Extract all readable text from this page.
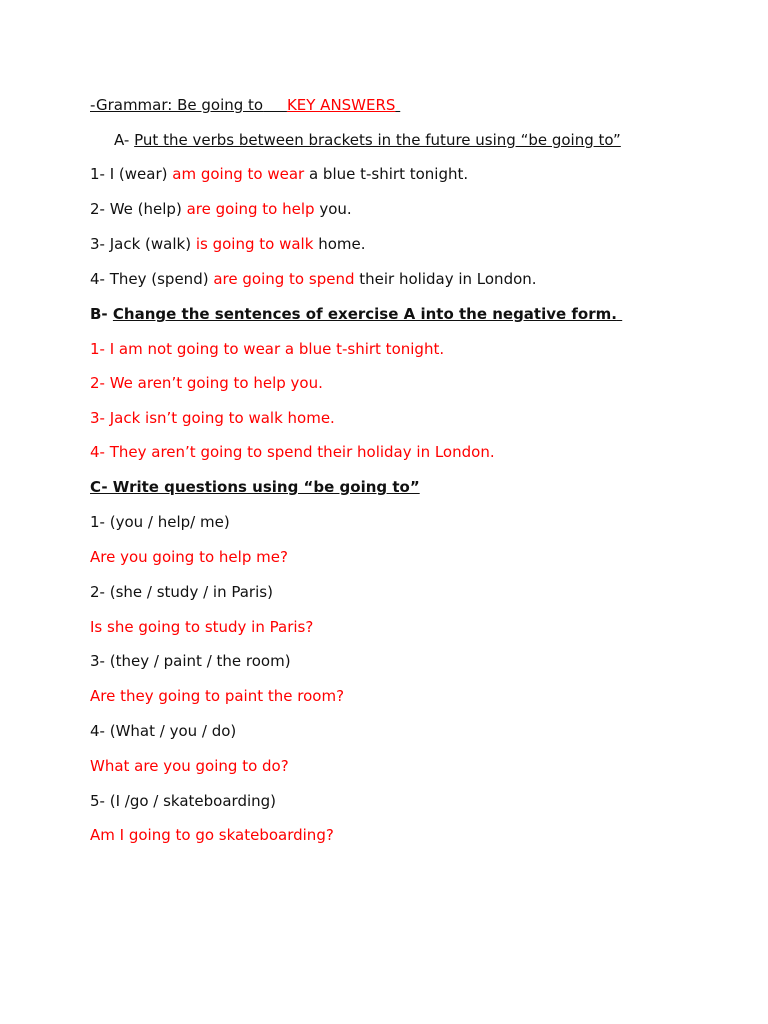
-Grammar: Be going to KEY ANSWERS
A- Put the verbs between brackets in the future using “be going to”
1- I (wear) am going to wear a blue t-shirt tonight.
2- We (help) are going to help you.
3- Jack (walk) is going to walk home.
4- They (spend) are going to spend their holiday in London.
B- Change the sentences of exercise A into the negative form.
1- I am not going to wear a blue t-shirt tonight.
2- We aren’t going to help you.
3- Jack isn’t going to walk home.
4- They aren’t going to spend their holiday in London.
C- Write questions using “be going to”
1- (you / help/ me)
Are you going to help me?
2- (she / study / in Paris)
Is she going to study in Paris?
3- (they / paint / the room)
Are they going to paint the room?
4- (What / you / do)
What are you going to do?
5- (I /go / skateboarding)
Am I going to go skateboarding?
